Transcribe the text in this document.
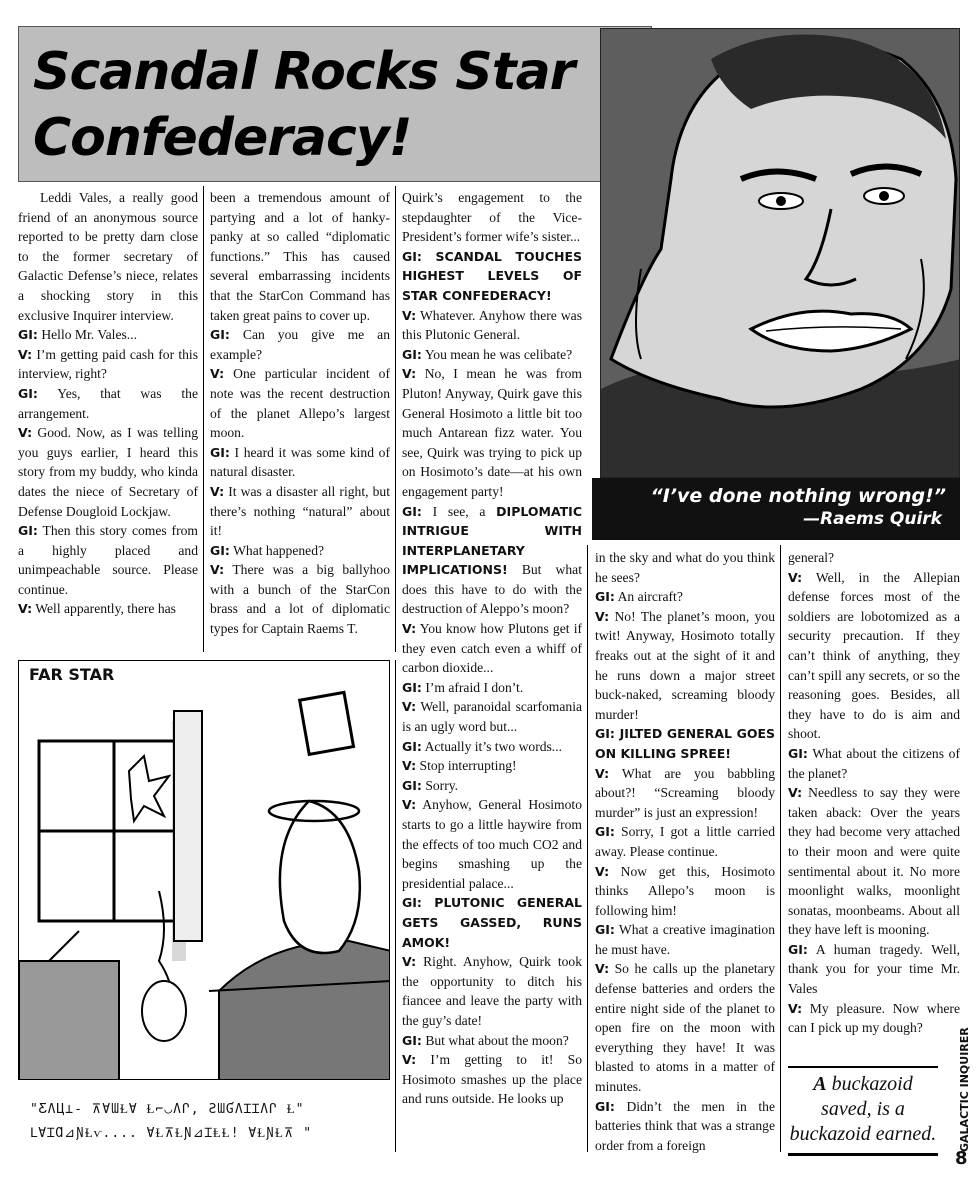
Scandal Rocks Star
Confederacy!
“I’ve done nothing wrong!”
—Raems Quirk

Leddi Vales, a really good friend of an anonymous source reported to be pretty darn close to the former secretary of Galactic Defense’s niece, relates a shocking story in this exclusive Inquirer interview.

GI: Hello Mr. Vales...

V: I’m getting paid cash for this interview, right?

GI: Yes, that was the arrangement.

V: Good. Now, as I was telling you guys earlier, I heard this story from my buddy, who kinda dates the niece of Secretary of Defense Dougloid Lockjaw.

GI: Then this story comes from a highly placed and unimpeachable source. Please continue.

V: Well apparently, there has

been a tremendous amount of partying and a lot of hanky-panky at so called “diplomatic functions.” This has caused several embarrassing incidents that the StarCon Command has taken great pains to cover up.

GI: Can you give me an example?

V: One particular incident of note was the recent destruction of the planet Allepo’s largest moon.

GI: I heard it was some kind of natural disaster.

V: It was a disaster all right, but there’s nothing “natural” about it!

GI: What happened?

V: There was a big ballyhoo with a bunch of the StarCon brass and a lot of diplomatic types for Captain Raems T.

Quirk’s engagement to the stepdaughter of the Vice-President’s former wife’s sister...

GI: SCANDAL TOUCHES HIGHEST LEVELS OF STAR CONFEDERACY!

V: Whatever. Anyhow there was this Plutonic General.

GI: You mean he was celibate?

V: No, I mean he was from Pluton! Anyway, Quirk gave this General Hosimoto a little bit too much Antarean fizz water. You see, Quirk was trying to pick up on Hosimoto’s date—at his own engagement party!

GI: I see, a DIPLOMATIC INTRIGUE WITH INTERPLANETARY IMPLICATIONS! But what does this have to do with the destruction of Aleppo’s moon?

V: You know how Plutons get if they even catch even a whiff of carbon dioxide...

GI: I’m afraid I don’t.

V: Well, paranoidal scarfomania is an ugly word but...

GI: Actually it’s two words...

V: Stop interrupting!

GI: Sorry.

V: Anyhow, General Hosimoto starts to go a little haywire from the effects of too much CO2 and begins smashing up the presidential palace...

GI: PLUTONIC GENERAL GETS GASSED, RUNS AMOK!

V: Right. Anyhow, Quirk took the opportunity to ditch his fiancee and leave the party with the guy’s date!

GI: But what about the moon?

V: I’m getting to it! So Hosimoto smashes up the place and runs outside. He looks up

in the sky and what do you think he sees?

GI: An aircraft?

V: No! The planet’s moon, you twit! Anyway, Hosimoto totally freaks out at the sight of it and he runs down a major street buck-naked, screaming bloody murder!

GI: JILTED GENERAL GOES ON KILLING SPREE!

V: What are you babbling about?! “Screaming bloody murder” is just an expression!

GI: Sorry, I got a little carried away. Please continue.

V: Now get this, Hosimoto thinks Allepo’s moon is following him!

GI: What a creative imagination he must have.

V: So he calls up the planetary defense batteries and orders the entire night side of the planet to open fire on the moon with everything they have! It was blasted to atoms in a matter of minutes.

GI: Didn’t the men in the batteries think that was a strange order from a foreign

general?

V: Well, in the Allepian defense forces most of the soldiers are lobotomized as a security precaution. If they can’t think of anything, they can’t spill any secrets, or so the reasoning goes. Besides, all they have to do is aim and shoot.

GI: What about the citizens of the planet?

V: Needless to say they were taken aback: Over the years they had become very attached to their moon and were quite sentimental about it. No more moonlight walks, moonlight sonatas, moonbeams. About all they have left is mooning.

GI: A human tragedy. Well, thank you for your time Mr. Vales

V: My pleasure. Now where can I pick up my dough?

FAR STAR
"ƸɅЦ⊥- ⊼ⱯƜⱢⱯ Ɫ⌐◡ɅՐ, ƧƜƓɅꞮꞮɅՐ Ɫ"
ⅬⱯꞮⱭ⊿ƝⱢⱱ.... ⱯⱢ⊼ⱢƝ⊿ꞮⱠⱢ! ⱯⱢƝⱢ⊼ "
A buckazoid saved, is a buckazoid earned. GALACTIC INQUIRER
8
